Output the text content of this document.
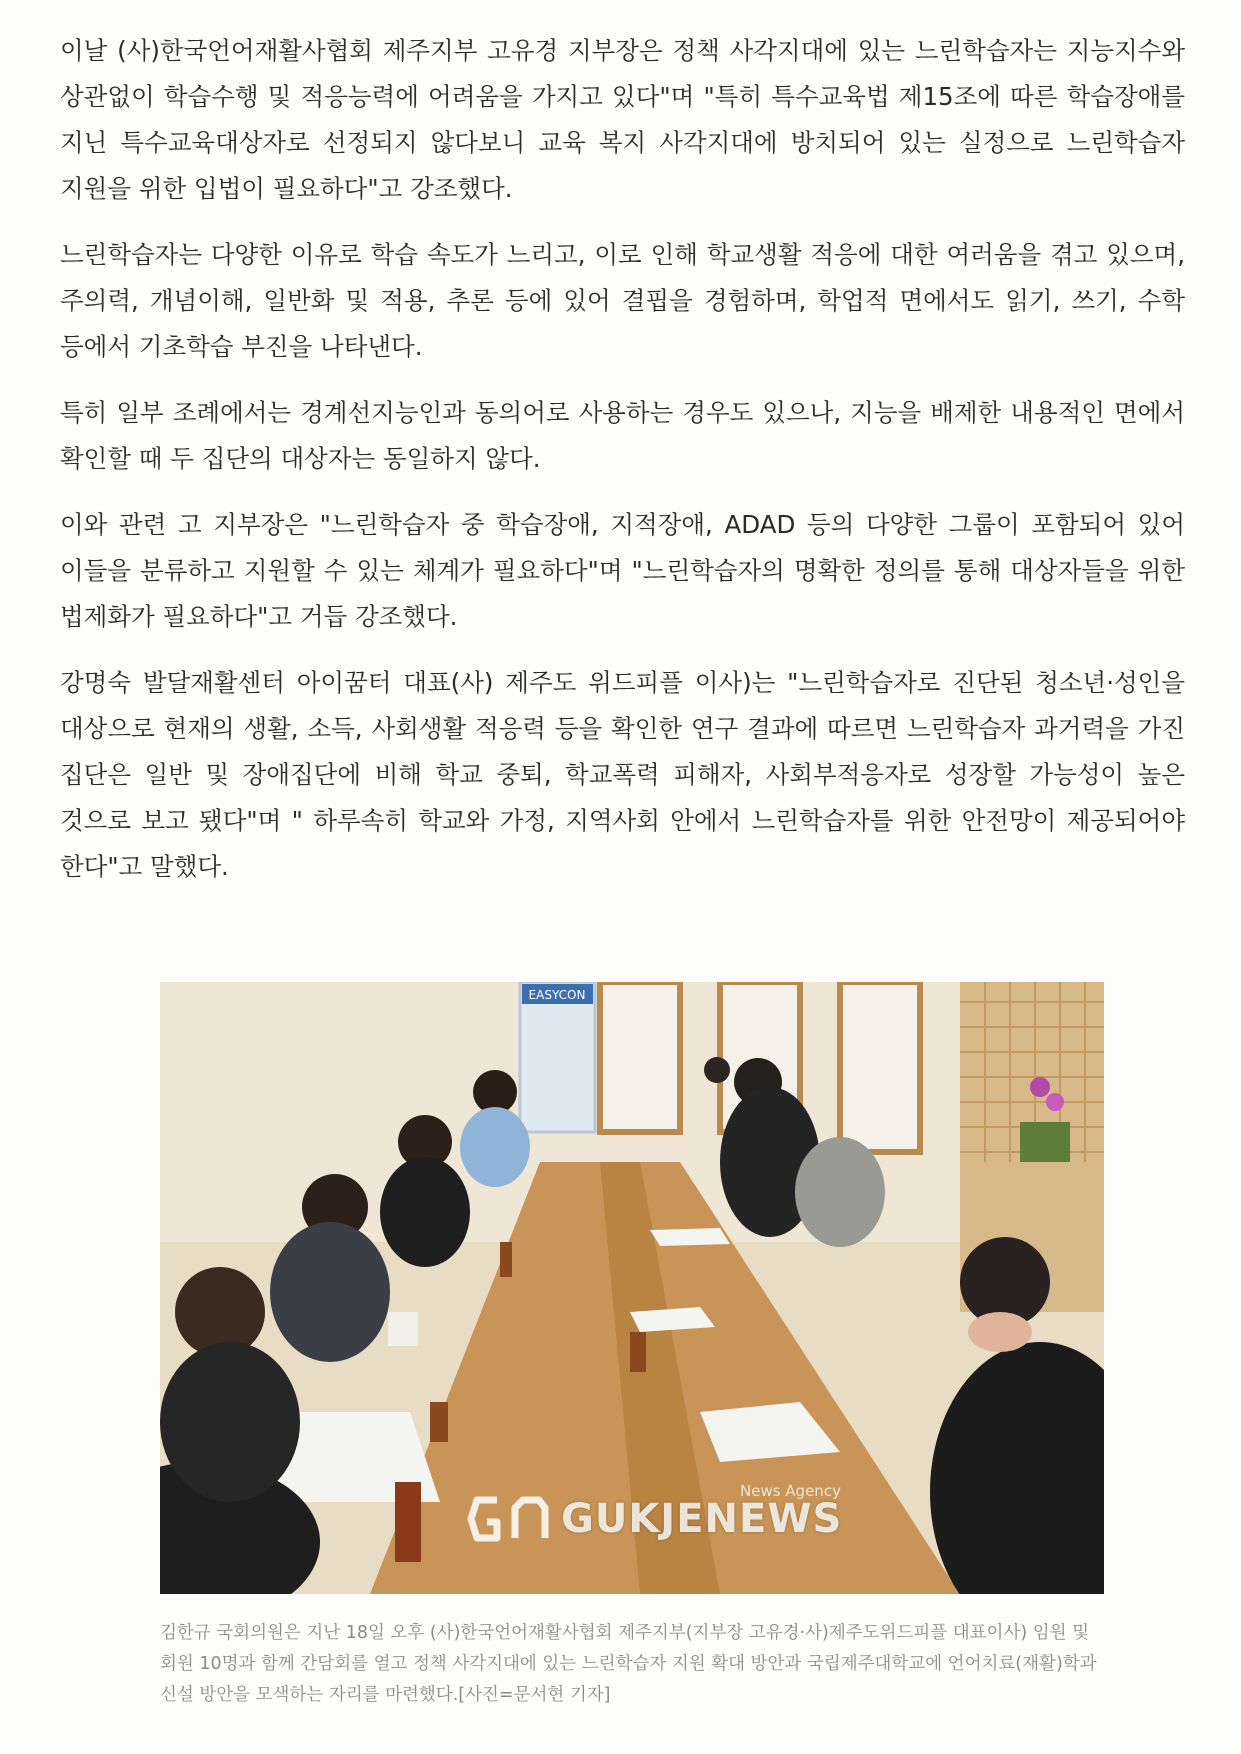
이날 (사)한국언어재활사협회 제주지부 고유경 지부장은 정책 사각지대에 있는 느린학습자는 지능지수와 상관없이 학습수행 및 적응능력에 어려움을 가지고 있다"며 "특히 특수교육법 제15조에 따른 학습장애를 지닌 특수교육대상자로 선정되지 않다보니 교육 복지 사각지대에 방치되어 있는 실정으로 느린학습자 지원을 위한 입법이 필요하다"고 강조했다.

느린학습자는 다양한 이유로 학습 속도가 느리고, 이로 인해 학교생활 적응에 대한 여러움을 겪고 있으며, 주의력, 개념이해, 일반화 및 적용, 추론 등에 있어 결핍을 경험하며, 학업적 면에서도 읽기, 쓰기, 수학 등에서 기초학습 부진을 나타낸다.

특히 일부 조례에서는 경계선지능인과 동의어로 사용하는 경우도 있으나, 지능을 배제한 내용적인 면에서 확인할 때 두 집단의 대상자는 동일하지 않다.

이와 관련 고 지부장은 "느린학습자 중 학습장애, 지적장애, ADAD 등의 다양한 그룹이 포함되어 있어 이들을 분류하고 지원할 수 있는 체계가 필요하다"며 "느린학습자의 명확한 정의를 통해 대상자들을 위한 법제화가 필요하다"고 거듭 강조했다.

강명숙 발달재활센터 아이꿈터 대표(사) 제주도 위드피플 이사)는 "느린학습자로 진단된 청소년·성인을 대상으로 현재의 생활, 소득, 사회생활 적응력 등을 확인한 연구 결과에 따르면 느린학습자 과거력을 가진 집단은 일반 및 장애집단에 비해 학교 중퇴, 학교폭력 피해자, 사회부적응자로 성장할 가능성이 높은 것으로 보고 됐다"며 " 하루속히 학교와 가정, 지역사회 안에서 느린학습자를 위한 안전망이 제공되어야 한다"고 말했다.

EASYCON
News Agency
GUKJENEWS

김한규 국회의원은 지난 18일 오후 (사)한국언어재활사협회 제주지부(지부장 고유경·사)제주도위드피플 대표이사) 임원 및 회원 10명과 함께 간담회를 열고 정책 사각지대에 있는 느린학습자 지원 확대 방안과 국립제주대학교에 언어치료(재활)학과 신설 방안을 모색하는 자리를 마련했다.[사진=문서현 기자]
